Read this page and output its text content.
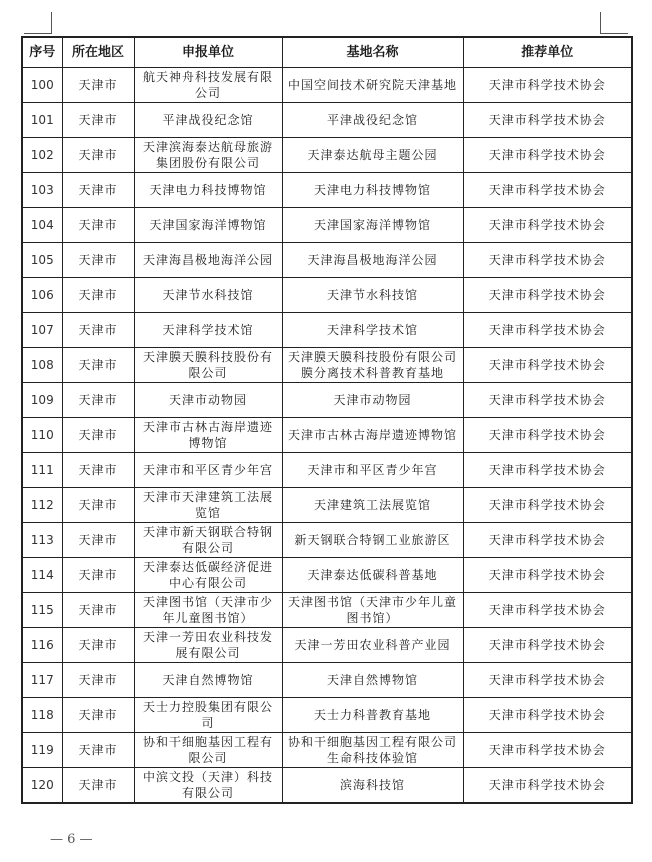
序号	所在地区	申报单位	基地名称	推荐单位
100	天津市	航天神舟科技发展有限公司	中国空间技术研究院天津基地	天津市科学技术协会
101	天津市	平津战役纪念馆	平津战役纪念馆	天津市科学技术协会
102	天津市	天津滨海泰达航母旅游集团股份有限公司	天津泰达航母主题公园	天津市科学技术协会
103	天津市	天津电力科技博物馆	天津电力科技博物馆	天津市科学技术协会
104	天津市	天津国家海洋博物馆	天津国家海洋博物馆	天津市科学技术协会
105	天津市	天津海昌极地海洋公园	天津海昌极地海洋公园	天津市科学技术协会
106	天津市	天津节水科技馆	天津节水科技馆	天津市科学技术协会
107	天津市	天津科学技术馆	天津科学技术馆	天津市科学技术协会
108	天津市	天津膜天膜科技股份有限公司	天津膜天膜科技股份有限公司膜分离技术科普教育基地	天津市科学技术协会
109	天津市	天津市动物园	天津市动物园	天津市科学技术协会
110	天津市	天津市古林古海岸遗迹博物馆	天津市古林古海岸遗迹博物馆	天津市科学技术协会
111	天津市	天津市和平区青少年宫	天津市和平区青少年宫	天津市科学技术协会
112	天津市	天津市天津建筑工法展览馆	天津建筑工法展览馆	天津市科学技术协会
113	天津市	天津市新天钢联合特钢有限公司	新天钢联合特钢工业旅游区	天津市科学技术协会
114	天津市	天津泰达低碳经济促进中心有限公司	天津泰达低碳科普基地	天津市科学技术协会
115	天津市	天津图书馆（天津市少年儿童图书馆）	天津图书馆（天津市少年儿童图书馆）	天津市科学技术协会
116	天津市	天津一芳田农业科技发展有限公司	天津一芳田农业科普产业园	天津市科学技术协会
117	天津市	天津自然博物馆	天津自然博物馆	天津市科学技术协会
118	天津市	天士力控股集团有限公司	天士力科普教育基地	天津市科学技术协会
119	天津市	协和干细胞基因工程有限公司	协和干细胞基因工程有限公司生命科技体验馆	天津市科学技术协会
120	天津市	中滨文投（天津）科技有限公司	滨海科技馆	天津市科学技术协会
— 6 —
